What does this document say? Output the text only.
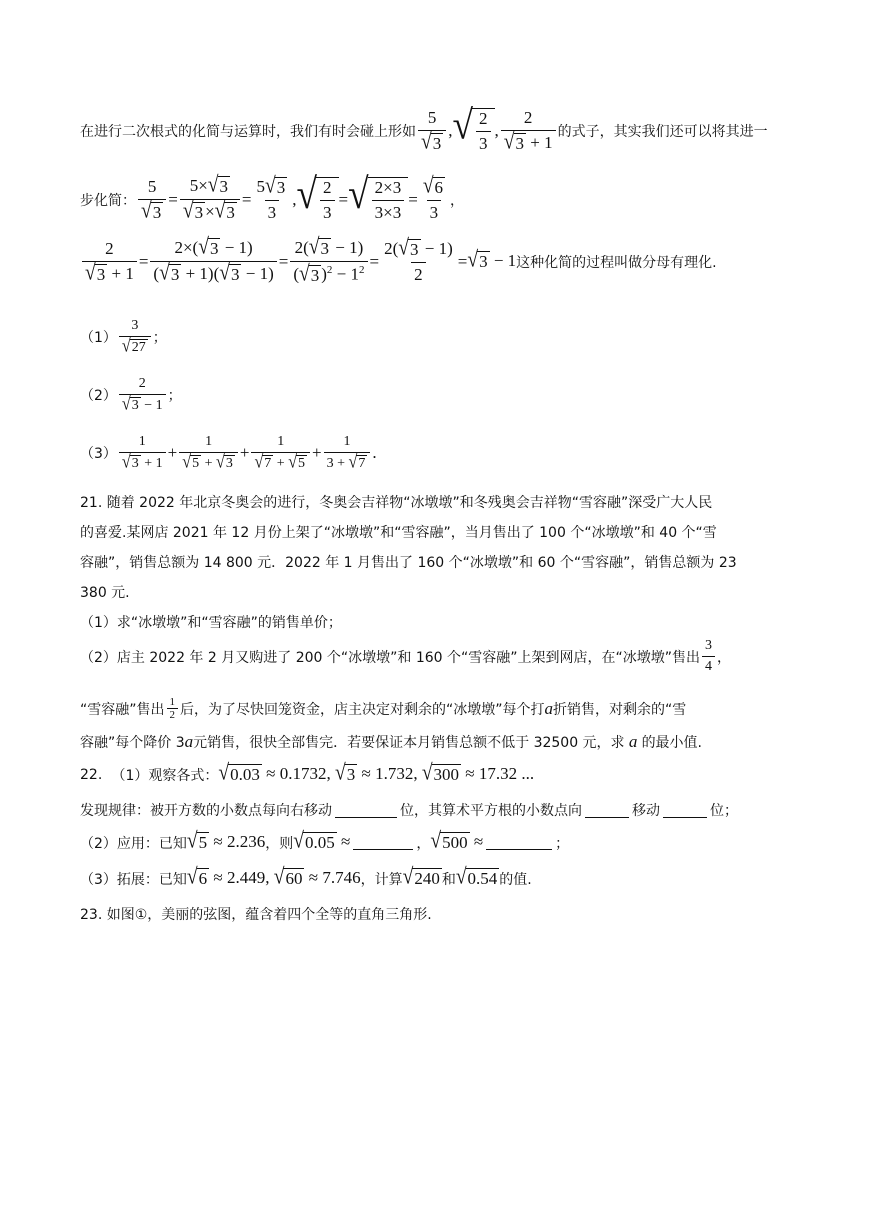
在进行二次根式的化简与运算时，我们有时会碰上形如 $\frac{5}{√ 3}$ , √ $\frac{2}{3}$ , $\frac{2}{√ 3 + 1}$ 的式子，其实我们还可以将其进一
步化简： $\frac{5}{√ 3} = \frac{5\times √ 3}{√ 3 \times √ 3} = \frac{5 √ 3}{3}$ , √ $\frac{2}{3}$ = √ $\frac{2\times 3}{3\times 3} = \frac{√ 6}{3}$ ，
$\frac{2}{√ 3 + 1} = \frac{2\times( √ 3 - 1)}{( √ 3 + 1)( √ 3 - 1)} = \frac{2( √ 3 - 1)}{( √ 3 )^2 - 1^2} = \frac{2( √ 3 - 1)}{2}$ = √ 3 − 1 这种化简的过程叫做分母有理化.
$(1) \frac{3}{√ 27}$ ；
$(2) \frac{2}{√ 3 - 1}$ ；
$(3) \frac{1}{√ 3 + 1} + \frac{1}{√ 5 + √ 3} + \frac{1}{√ 7 + √ 5} + \frac{1}{3 + √ 7}$ .
21. 随着 2022 年北京冬奥会的进行，冬奥会吉祥物“冰墩墩”和冬残奥会吉祥物“雪容融”深受广大人民
的喜爱.某网店 2021 年 12 月份上架了“冰墩墩”和“雪容融”，当月售出了 100 个“冰墩墩”和 40 个“雪
容融”，销售总额为 14 800 元．2022 年 1 月售出了 160 个“冰墩墩”和 60 个“雪容融”，销售总额为 23
380 元.
（1）求“冰墩墩”和“雪容融”的销售单价；
（2）店主 2022 年 2 月又购进了 200 个“冰墩墩”和 160 个“雪容融”上架到网店，在“冰墩墩”售出 $\frac{3}{4}$ ，
“雪容融”售出 $\frac{1}{2}$ 后，为了尽快回笼资金，店主决定对剩余的“冰墩墩”每个打 a 折销售，对剩余的“雪
容融”每个降价 3 a 元销售，很快全部售完．若要保证本月销售总额不低于 32500 元，求 a 的最小值.
22.
（1）观察各式： √ 0.03 ≈ 0.1732, √ 3 ≈ 1.732, √ 300 ≈ 17.32 ...
发现规律：被开方数的小数点每向右移动	位，其算术平方根的小数点向	移动	位；
（2）应用：已知 √ 5 ≈ 2.236 ，则 √ 0.05 ≈	， √ 500 ≈	；
（3）拓展：已知 √ 6 ≈ 2.449, √ 60 ≈ 7.746 ，计算 √ 240 和 √ 0.54 的值.
23. 如图①，美丽的弦图，蕴含着四个全等的直角三角形.
